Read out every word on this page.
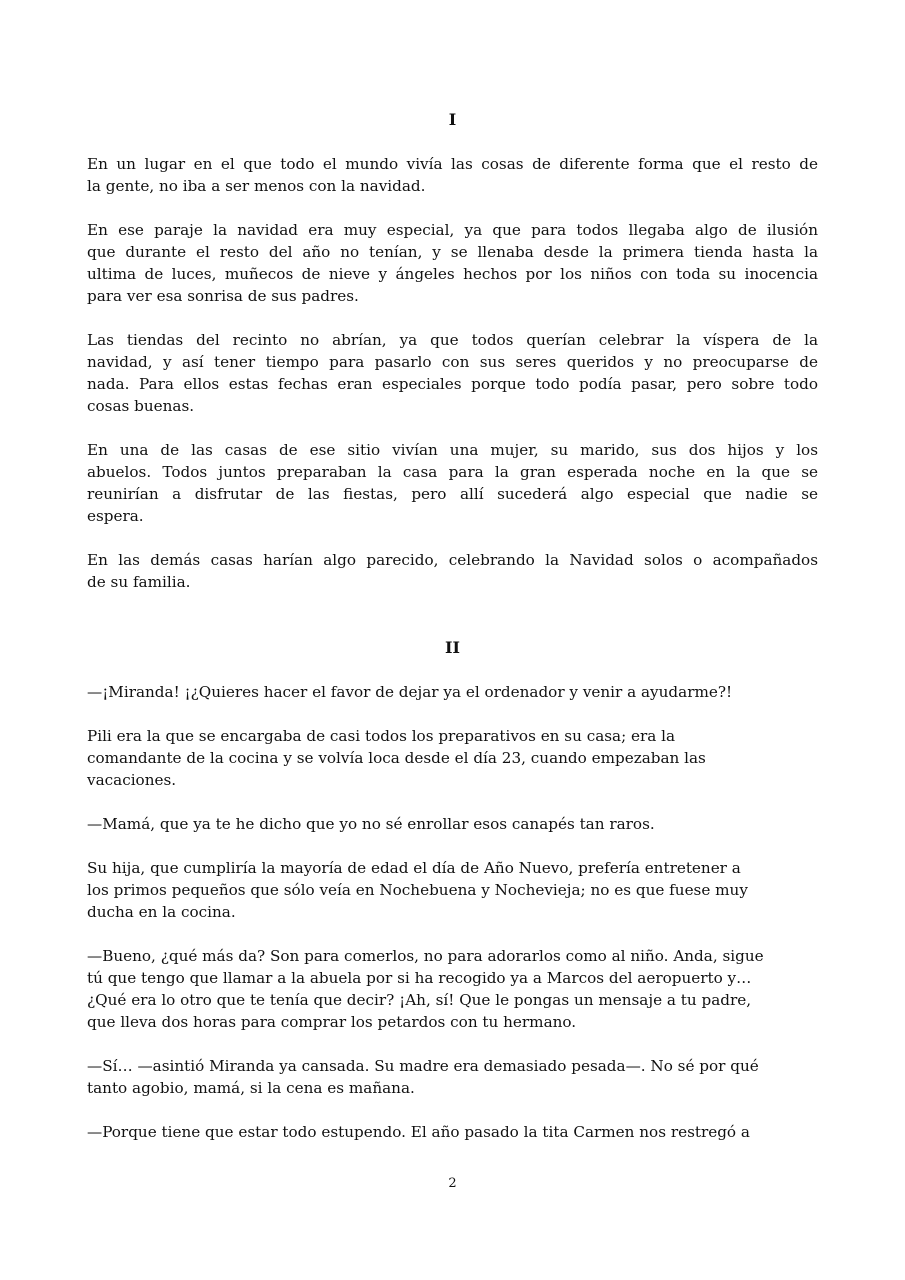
I
En un lugar en el que todo el mundo vivía las cosas de diferente forma que el resto de
la gente, no iba a ser menos con la navidad.
En ese paraje la navidad era muy especial, ya que para todos llegaba algo de ilusión
que durante el resto del año no tenían, y se llenaba desde la primera tienda hasta la
ultima de luces, muñecos de nieve y ángeles hechos por los niños con toda su inocencia
para ver esa sonrisa de sus padres.
Las tiendas del recinto no abrían, ya que todos querían celebrar la víspera de la
navidad, y así tener tiempo para pasarlo con sus seres queridos y no preocuparse de
nada. Para ellos estas fechas eran especiales porque todo podía pasar, pero sobre todo
cosas buenas.
En una de las casas de ese sitio vivían una mujer, su marido, sus dos hijos y los
abuelos. Todos juntos preparaban la casa para la gran esperada noche en la que se
reunirían a disfrutar de las fiestas, pero allí sucederá algo especial que nadie se
espera.
En las demás casas harían algo parecido, celebrando la Navidad solos o acompañados
de su familia.
II
—¡Miranda! ¡¿Quieres hacer el favor de dejar ya el ordenador y venir a ayudarme?!
Pili era la que se encargaba de casi todos los preparativos en su casa; era la
comandante de la cocina y se volvía loca desde el día 23, cuando empezaban las
vacaciones.
—Mamá, que ya te he dicho que yo no sé enrollar esos canapés tan raros.
Su hija, que cumpliría la mayoría de edad el día de Año Nuevo, prefería entretener a
los primos pequeños que sólo veía en Nochebuena y Nochevieja; no es que fuese muy
ducha en la cocina.
—Bueno, ¿qué más da? Son para comerlos, no para adorarlos como al niño. Anda, sigue
tú que tengo que llamar a la abuela por si ha recogido ya a Marcos del aeropuerto y…
¿Qué era lo otro que te tenía que decir? ¡Ah, sí! Que le pongas un mensaje a tu padre,
que lleva dos horas para comprar los petardos con tu hermano.
—Sí… —asintió Miranda ya cansada. Su madre era demasiado pesada—. No sé por qué
tanto agobio, mamá, si la cena es mañana.
—Porque tiene que estar todo estupendo. El año pasado la tita Carmen nos restregó a
2
